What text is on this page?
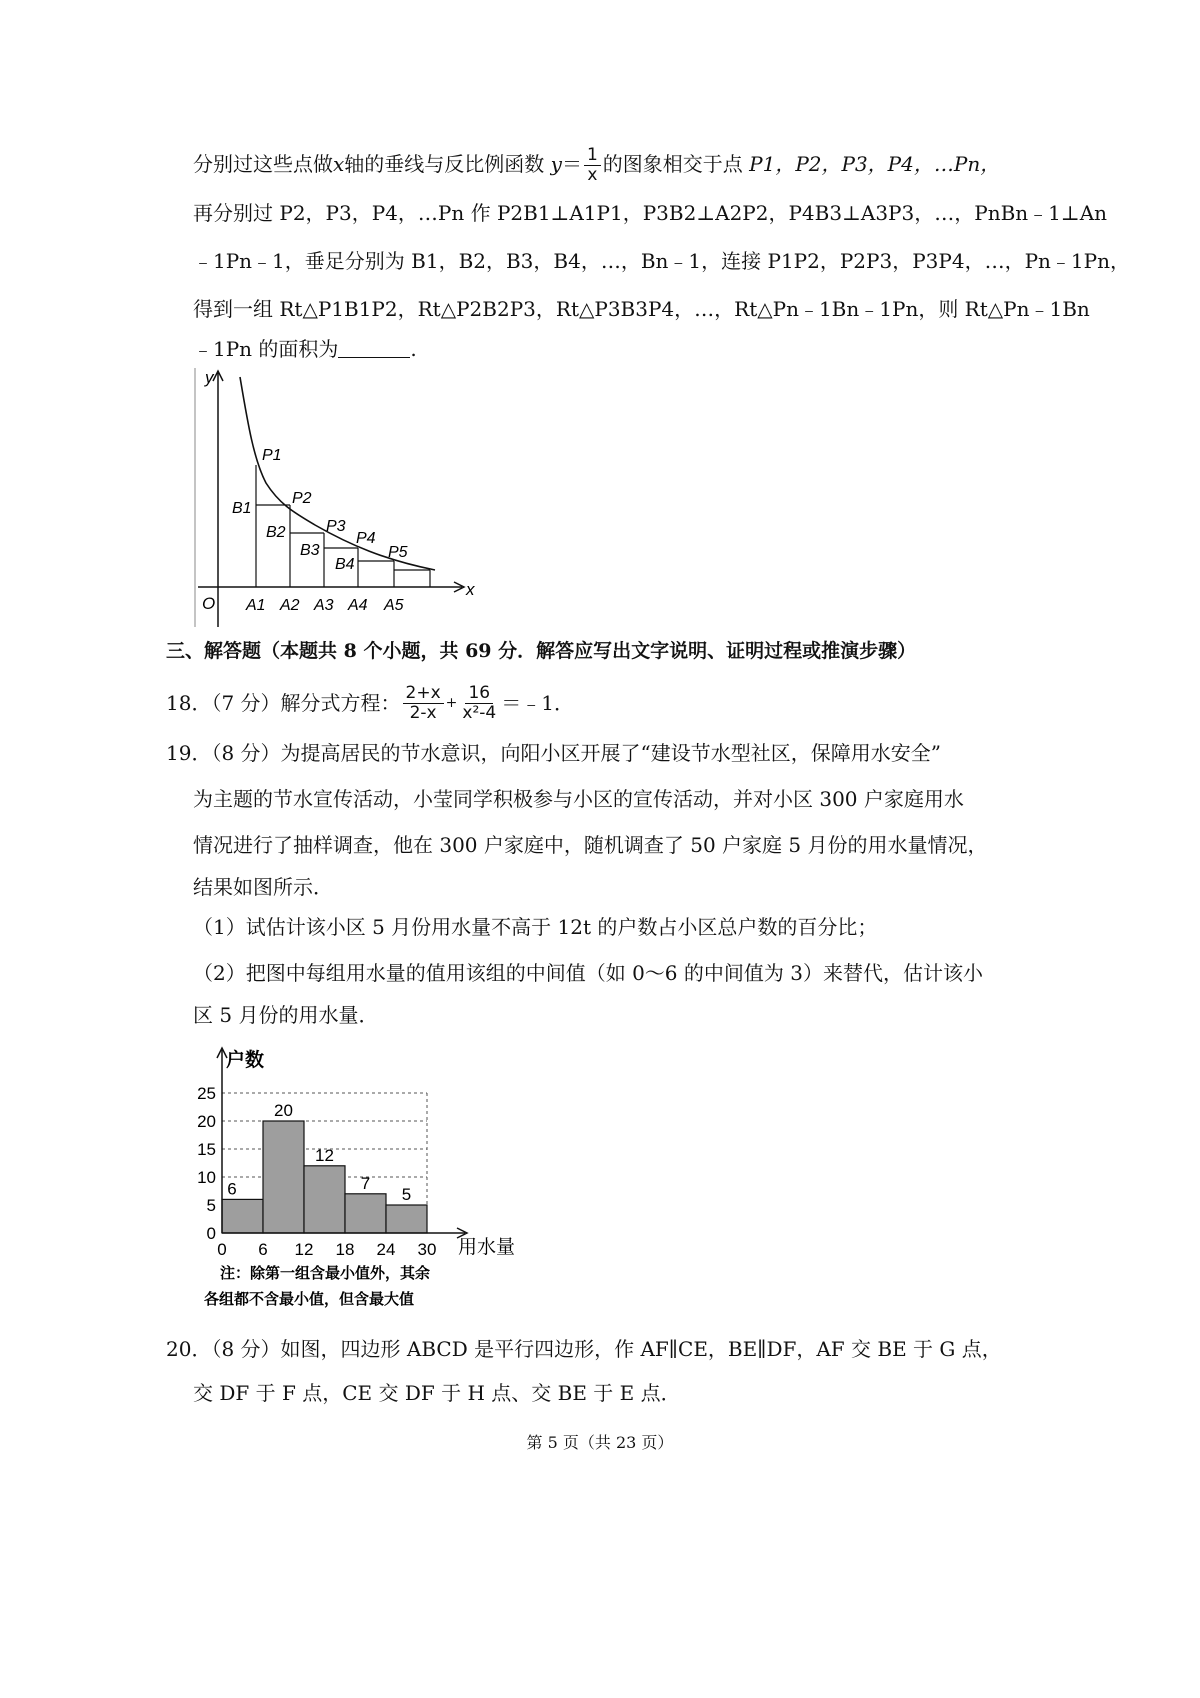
分别过这些点做x轴的垂线与反比例函数 $y= \frac{1}{x}$ 的图象相交于点 P1，P2，P3，P4，…Pn，
再分别过 P2，P3，P4，…Pn 作 P2B1⊥A1P1，P3B2⊥A2P2，P4B3⊥A3P3，…，PnBn﹣1⊥An
﹣1Pn﹣1，垂足分别为 B1，B2，B3，B4，…，Bn﹣1，连接 P1P2，P2P3，P3P4，…，Pn﹣1Pn，
得到一组 Rt△P1B1P2，Rt△P2B2P3，Rt△P3B3P4，…，Rt△Pn﹣1Bn﹣1Pn，则 Rt△Pn﹣1Bn
﹣1Pn 的面积为	.
y
x
O
P1
P2
P3
P4
P5
B1
B2
B3
B4
A1 A2 A3 A4 A5
三、解答题（本题共 8 个小题，共 69 分．解答应写出文字说明、证明过程或推演步骤）
18．（7 分）解分式方程： $\frac{2+x}{2-x} + \frac{16}{\text{x²-4}}$ ＝﹣1．
19．（8 分）为提高居民的节水意识，向阳小区开展了“建设节水型社区，保障用水安全”
为主题的节水宣传活动，小莹同学积极参与小区的宣传活动，并对小区 300 户家庭用水
情况进行了抽样调查，他在 300 户家庭中，随机调查了 50 户家庭 5 月份的用水量情况，
结果如图所示．
（1）试估计该小区 5 月份用水量不高于 12t 的户数占小区总户数的百分比；
（2）把图中每组用水量的值用该组的中间值（如 0～6 的中间值为 3）来替代，估计该小
区 5 月份的用水量．
户数
用水量
注：除第一组含最小值外，其余
各组都不含最小值，但含最大值
0
5
10
15
20
25
6
20
12
7
5
0 6 12 18 24 30
20．（8 分）如图，四边形 ABCD 是平行四边形，作 AF∥CE，BE∥DF，AF 交 BE 于 G 点，
交 DF 于 F 点，CE 交 DF 于 H 点、交 BE 于 E 点．
第 5 页（共 23 页）
